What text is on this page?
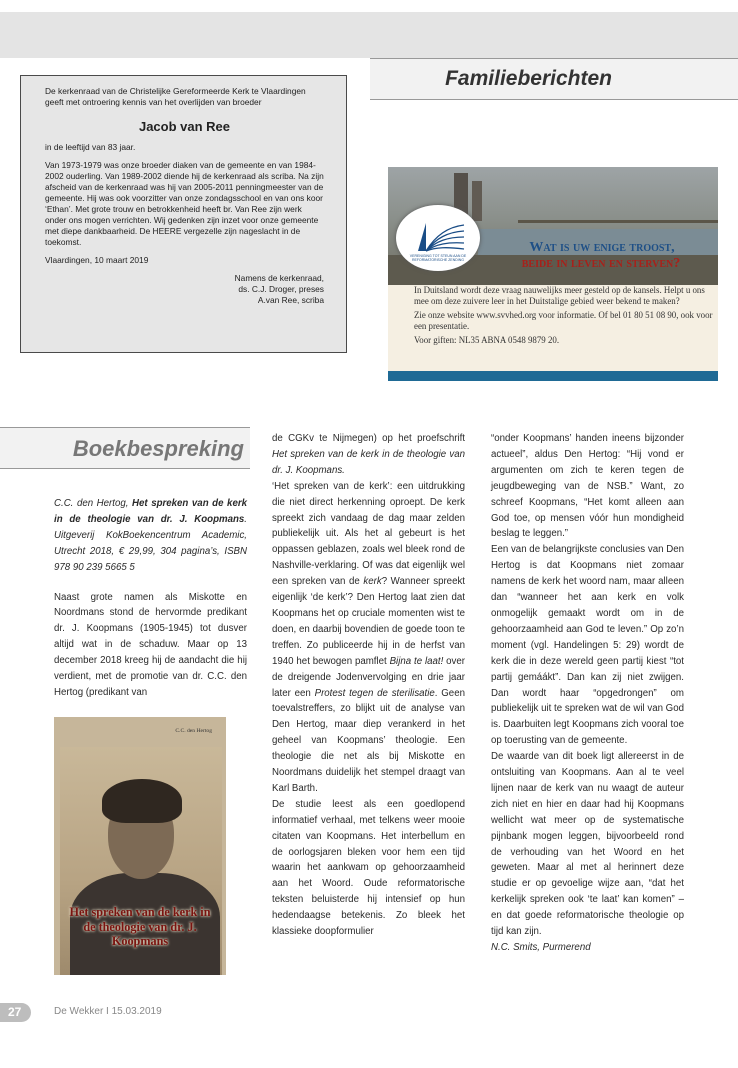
De kerkenraad van de Christelijke Gereformeerde Kerk te Vlaardingen geeft met ontroering kennis van het overlijden van broeder

Jacob van Ree

in de leeftijd van 83 jaar.

Van 1973-1979 was onze broeder diaken van de gemeente en van 1984-2002 ouderling. Van 1989-2002 diende hij de kerkenraad als scriba. Na zijn afscheid van de kerkenraad was hij van 2005-2011 penningmeester van de gemeente. Hij was ook voorzitter van onze zondagsschool en van ons koor ‘Ethan’. Met grote trouw en betrokkenheid heeft br. Van Ree zijn werk onder ons mogen verrichten. Wij gedenken zijn inzet voor onze gemeente met diepe dankbaarheid. De HEERE vergezelle zijn nageslacht in de toekomst.

Vlaardingen, 10 maart 2019

Namens de kerkenraad,
ds. C.J. Droger, preses
A.van Ree, scriba
Familieberichten
VERENIGING TOT STEUN AAN DE REFORMATORISCHE ZENDING
Wat is uw enige troost,
beide in leven en sterven?

In Duitsland wordt deze vraag nauwelijks meer gesteld op de kansels. Helpt u ons mee om deze zuivere leer in het Duitstalige gebied weer bekend te maken?

Zie onze website www.svvhed.org voor informatie. Of bel 01 80 51 08 90, ook voor een presentatie.

Voor giften: NL35 ABNA 0548 9879 20.

Boekbespreking

C.C. den Hertog, Het spreken van de kerk in de theologie van dr. J. Koopmans. Uitgeverij KokBoekencentrum Academic, Utrecht 2018, € 29,99, 304 pagina’s, ISBN 978 90 239 5665 5

Naast grote namen als Miskotte en Noordmans stond de hervormde predikant dr. J. Koopmans (1905-1945) tot dusver altijd wat in de schaduw. Maar op 13 december 2018 kreeg hij de aandacht die hij verdient, met de promotie van dr. C.C. den Hertog (predikant van

C.C. den Hertog
Het spreken van de kerk in de theologie van dr. J. Koopmans

de CGKv te Nijmegen) op het proefschrift Het spreken van de kerk in de theologie van dr. J. Koopmans.

‘Het spreken van de kerk’: een uitdrukking die niet direct herkenning oproept. De kerk spreekt zich vandaag de dag maar zelden publiekelijk uit. Als het al gebeurt is het oppassen geblazen, zoals wel bleek rond de Nashville-verklaring. Of was dat eigenlijk wel een spreken van de kerk? Wanneer spreekt eigenlijk ‘de kerk’? Den Hertog laat zien dat Koopmans het op cruciale momenten wist te doen, en daarbij bovendien de goede toon te treffen. Zo publiceerde hij in de herfst van 1940 het bewogen pamflet Bijna te laat! over de dreigende Jodenvervolging en drie jaar later een Protest tegen de sterilisatie. Geen toevalstreffers, zo blijkt uit de analyse van Den Hertog, maar diep verankerd in het geheel van Koopmans’ theologie. Een theologie die net als bij Miskotte en Noordmans duidelijk het stempel draagt van Karl Barth.

De studie leest als een goedlopend informatief verhaal, met telkens weer mooie citaten van Koopmans. Het interbellum en de oorlogsjaren bleken voor hem een tijd waarin het aankwam op gehoorzaamheid aan het Woord. Oude reformatorische teksten beluisterde hij intensief op hun hedendaagse betekenis. Zo bleek het klassieke doopformulier

“onder Koopmans’ handen ineens bijzonder actueel”, aldus Den Hertog: “Hij vond er argumenten om zich te keren tegen de jeugdbeweging van de NSB.” Want, zo schreef Koopmans, “Het komt alleen aan God toe, op mensen vóór hun mondigheid beslag te leggen.”

Een van de belangrijkste conclusies van Den Hertog is dat Koopmans niet zomaar namens de kerk het woord nam, maar alleen dan “wanneer het aan kerk en volk onmogelijk gemaakt wordt om in de gehoorzaamheid aan God te leven.” Op zo’n moment (vgl. Handelingen 5: 29) wordt de kerk die in deze wereld geen partij kiest “tot partij gemáákt”. Dan kan zij niet zwijgen. Dan wordt haar “opgedrongen” om publiekelijk uit te spreken wat de wil van God is. Daarbuiten legt Koopmans zich vooral toe op toerusting van de gemeente.

De waarde van dit boek ligt allereerst in de ontsluiting van Koopmans. Aan al te veel lijnen naar de kerk van nu waagt de auteur zich niet en hier en daar had hij Koopmans wellicht wat meer op de systematische pijnbank mogen leggen, bijvoorbeeld rond de verhouding van het Woord en het geweten. Maar al met al herinnert deze studie er op gevoelige wijze aan, “dat het kerkelijk spreken ook ‘te laat’ kan komen” – en dat goede reformatorische theologie op tijd kan zijn.

N.C. Smits, Purmerend

27	De Wekker I 15.03.2019
